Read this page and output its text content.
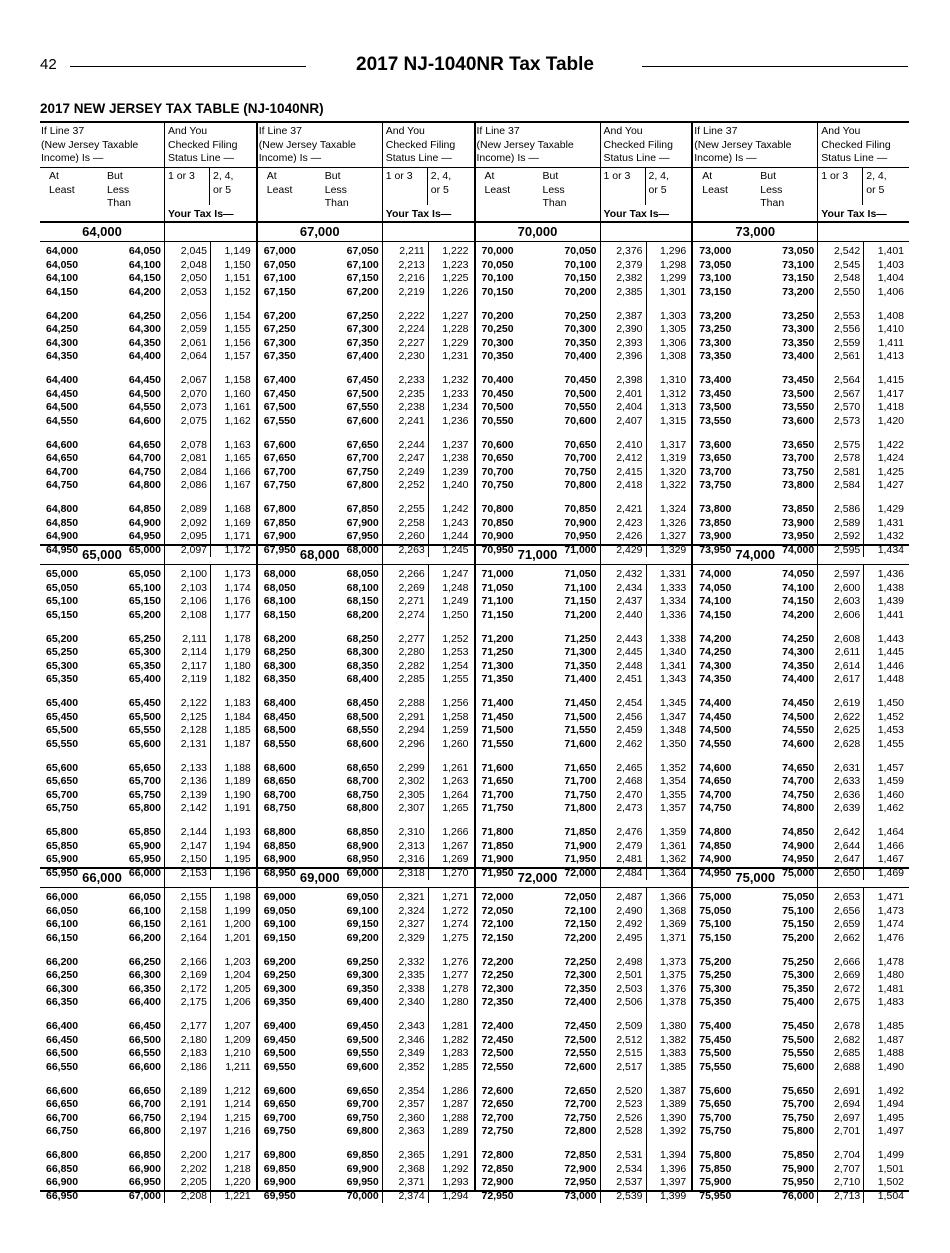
42	2017 NJ-1040NR Tax Table
2017 NEW JERSEY TAX TABLE (NJ-1040NR)
If Line 37
(New Jersey Taxable
Income) Is —
At
Least
But
Less
Than
And You
Checked Filing
Status Line —
1 or 3 2, 4,
or 5
Your Tax Is—
If Line 37
(New Jersey Taxable
Income) Is —
At
Least
But
Less
Than
And You
Checked Filing
Status Line —
1 or 3 2, 4,
or 5
Your Tax Is—
If Line 37
(New Jersey Taxable
Income) Is —
At
Least
But
Less
Than
And You
Checked Filing
Status Line —
1 or 3 2, 4,
or 5
Your Tax Is—
If Line 37
(New Jersey Taxable
Income) Is —
At
Least
But
Less
Than
And You
Checked Filing
Status Line —
1 or 3 2, 4,
or 5
Your Tax Is—
64,000
64,000
64,050
64,100
64,150
64,200
64,250
64,300
64,350
64,400
64,450
64,500
64,550
64,600
64,650
64,700
64,750
64,800
64,850
64,900
64,950
64,050
64,100
64,150
64,200
64,250
64,300
64,350
64,400
64,450
64,500
64,550
64,600
64,650
64,700
64,750
64,800
64,850
64,900
64,950
65,000
2,045
2,048
2,050
2,053
2,056
2,059
2,061
2,064
2,067
2,070
2,073
2,075
2,078
2,081
2,084
2,086
2,089
2,092
2,095
2,097
1,149
1,150
1,151
1,152
1,154
1,155
1,156
1,157
1,158
1,160
1,161
1,162
1,163
1,165
1,166
1,167
1,168
1,169
1,171
1,172
67,000
67,000
67,050
67,100
67,150
67,200
67,250
67,300
67,350
67,400
67,450
67,500
67,550
67,600
67,650
67,700
67,750
67,800
67,850
67,900
67,950
67,050
67,100
67,150
67,200
67,250
67,300
67,350
67,400
67,450
67,500
67,550
67,600
67,650
67,700
67,750
67,800
67,850
67,900
67,950
68,000
2,211
2,213
2,216
2,219
2,222
2,224
2,227
2,230
2,233
2,235
2,238
2,241
2,244
2,247
2,249
2,252
2,255
2,258
2,260
2,263
1,222
1,223
1,225
1,226
1,227
1,228
1,229
1,231
1,232
1,233
1,234
1,236
1,237
1,238
1,239
1,240
1,242
1,243
1,244
1,245
70,000
70,000
70,050
70,100
70,150
70,200
70,250
70,300
70,350
70,400
70,450
70,500
70,550
70,600
70,650
70,700
70,750
70,800
70,850
70,900
70,950
70,050
70,100
70,150
70,200
70,250
70,300
70,350
70,400
70,450
70,500
70,550
70,600
70,650
70,700
70,750
70,800
70,850
70,900
70,950
71,000
2,376
2,379
2,382
2,385
2,387
2,390
2,393
2,396
2,398
2,401
2,404
2,407
2,410
2,412
2,415
2,418
2,421
2,423
2,426
2,429
1,296
1,298
1,299
1,301
1,303
1,305
1,306
1,308
1,310
1,312
1,313
1,315
1,317
1,319
1,320
1,322
1,324
1,326
1,327
1,329
73,000
73,000
73,050
73,100
73,150
73,200
73,250
73,300
73,350
73,400
73,450
73,500
73,550
73,600
73,650
73,700
73,750
73,800
73,850
73,900
73,950
73,050
73,100
73,150
73,200
73,250
73,300
73,350
73,400
73,450
73,500
73,550
73,600
73,650
73,700
73,750
73,800
73,850
73,900
73,950
74,000
2,542
2,545
2,548
2,550
2,553
2,556
2,559
2,561
2,564
2,567
2,570
2,573
2,575
2,578
2,581
2,584
2,586
2,589
2,592
2,595
1,401
1,403
1,404
1,406
1,408
1,410
1,411
1,413
1,415
1,417
1,418
1,420
1,422
1,424
1,425
1,427
1,429
1,431
1,432
1,434
65,000
65,000
65,050
65,100
65,150
65,200
65,250
65,300
65,350
65,400
65,450
65,500
65,550
65,600
65,650
65,700
65,750
65,800
65,850
65,900
65,950
65,050
65,100
65,150
65,200
65,250
65,300
65,350
65,400
65,450
65,500
65,550
65,600
65,650
65,700
65,750
65,800
65,850
65,900
65,950
66,000
2,100
2,103
2,106
2,108
2,111
2,114
2,117
2,119
2,122
2,125
2,128
2,131
2,133
2,136
2,139
2,142
2,144
2,147
2,150
2,153
1,173
1,174
1,176
1,177
1,178
1,179
1,180
1,182
1,183
1,184
1,185
1,187
1,188
1,189
1,190
1,191
1,193
1,194
1,195
1,196
68,000
68,000
68,050
68,100
68,150
68,200
68,250
68,300
68,350
68,400
68,450
68,500
68,550
68,600
68,650
68,700
68,750
68,800
68,850
68,900
68,950
68,050
68,100
68,150
68,200
68,250
68,300
68,350
68,400
68,450
68,500
68,550
68,600
68,650
68,700
68,750
68,800
68,850
68,900
68,950
69,000
2,266
2,269
2,271
2,274
2,277
2,280
2,282
2,285
2,288
2,291
2,294
2,296
2,299
2,302
2,305
2,307
2,310
2,313
2,316
2,318
1,247
1,248
1,249
1,250
1,252
1,253
1,254
1,255
1,256
1,258
1,259
1,260
1,261
1,263
1,264
1,265
1,266
1,267
1,269
1,270
71,000
71,000
71,050
71,100
71,150
71,200
71,250
71,300
71,350
71,400
71,450
71,500
71,550
71,600
71,650
71,700
71,750
71,800
71,850
71,900
71,950
71,050
71,100
71,150
71,200
71,250
71,300
71,350
71,400
71,450
71,500
71,550
71,600
71,650
71,700
71,750
71,800
71,850
71,900
71,950
72,000
2,432
2,434
2,437
2,440
2,443
2,445
2,448
2,451
2,454
2,456
2,459
2,462
2,465
2,468
2,470
2,473
2,476
2,479
2,481
2,484
1,331
1,333
1,334
1,336
1,338
1,340
1,341
1,343
1,345
1,347
1,348
1,350
1,352
1,354
1,355
1,357
1,359
1,361
1,362
1,364
74,000
74,000
74,050
74,100
74,150
74,200
74,250
74,300
74,350
74,400
74,450
74,500
74,550
74,600
74,650
74,700
74,750
74,800
74,850
74,900
74,950
74,050
74,100
74,150
74,200
74,250
74,300
74,350
74,400
74,450
74,500
74,550
74,600
74,650
74,700
74,750
74,800
74,850
74,900
74,950
75,000
2,597
2,600
2,603
2,606
2,608
2,611
2,614
2,617
2,619
2,622
2,625
2,628
2,631
2,633
2,636
2,639
2,642
2,644
2,647
2,650
1,436
1,438
1,439
1,441
1,443
1,445
1,446
1,448
1,450
1,452
1,453
1,455
1,457
1,459
1,460
1,462
1,464
1,466
1,467
1,469
66,000
66,000
66,050
66,100
66,150
66,200
66,250
66,300
66,350
66,400
66,450
66,500
66,550
66,600
66,650
66,700
66,750
66,800
66,850
66,900
66,950
66,050
66,100
66,150
66,200
66,250
66,300
66,350
66,400
66,450
66,500
66,550
66,600
66,650
66,700
66,750
66,800
66,850
66,900
66,950
67,000
2,155
2,158
2,161
2,164
2,166
2,169
2,172
2,175
2,177
2,180
2,183
2,186
2,189
2,191
2,194
2,197
2,200
2,202
2,205
2,208
1,198
1,199
1,200
1,201
1,203
1,204
1,205
1,206
1,207
1,209
1,210
1,211
1,212
1,214
1,215
1,216
1,217
1,218
1,220
1,221
69,000
69,000
69,050
69,100
69,150
69,200
69,250
69,300
69,350
69,400
69,450
69,500
69,550
69,600
69,650
69,700
69,750
69,800
69,850
69,900
69,950
69,050
69,100
69,150
69,200
69,250
69,300
69,350
69,400
69,450
69,500
69,550
69,600
69,650
69,700
69,750
69,800
69,850
69,900
69,950
70,000
2,321
2,324
2,327
2,329
2,332
2,335
2,338
2,340
2,343
2,346
2,349
2,352
2,354
2,357
2,360
2,363
2,365
2,368
2,371
2,374
1,271
1,272
1,274
1,275
1,276
1,277
1,278
1,280
1,281
1,282
1,283
1,285
1,286
1,287
1,288
1,289
1,291
1,292
1,293
1,294
72,000
72,000
72,050
72,100
72,150
72,200
72,250
72,300
72,350
72,400
72,450
72,500
72,550
72,600
72,650
72,700
72,750
72,800
72,850
72,900
72,950
72,050
72,100
72,150
72,200
72,250
72,300
72,350
72,400
72,450
72,500
72,550
72,600
72,650
72,700
72,750
72,800
72,850
72,900
72,950
73,000
2,487
2,490
2,492
2,495
2,498
2,501
2,503
2,506
2,509
2,512
2,515
2,517
2,520
2,523
2,526
2,528
2,531
2,534
2,537
2,539
1,366
1,368
1,369
1,371
1,373
1,375
1,376
1,378
1,380
1,382
1,383
1,385
1,387
1,389
1,390
1,392
1,394
1,396
1,397
1,399
75,000
75,000
75,050
75,100
75,150
75,200
75,250
75,300
75,350
75,400
75,450
75,500
75,550
75,600
75,650
75,700
75,750
75,800
75,850
75,900
75,950
75,050
75,100
75,150
75,200
75,250
75,300
75,350
75,400
75,450
75,500
75,550
75,600
75,650
75,700
75,750
75,800
75,850
75,900
75,950
76,000
2,653
2,656
2,659
2,662
2,666
2,669
2,672
2,675
2,678
2,682
2,685
2,688
2,691
2,694
2,697
2,701
2,704
2,707
2,710
2,713
1,471
1,473
1,474
1,476
1,478
1,480
1,481
1,483
1,485
1,487
1,488
1,490
1,492
1,494
1,495
1,497
1,499
1,501
1,502
1,504
